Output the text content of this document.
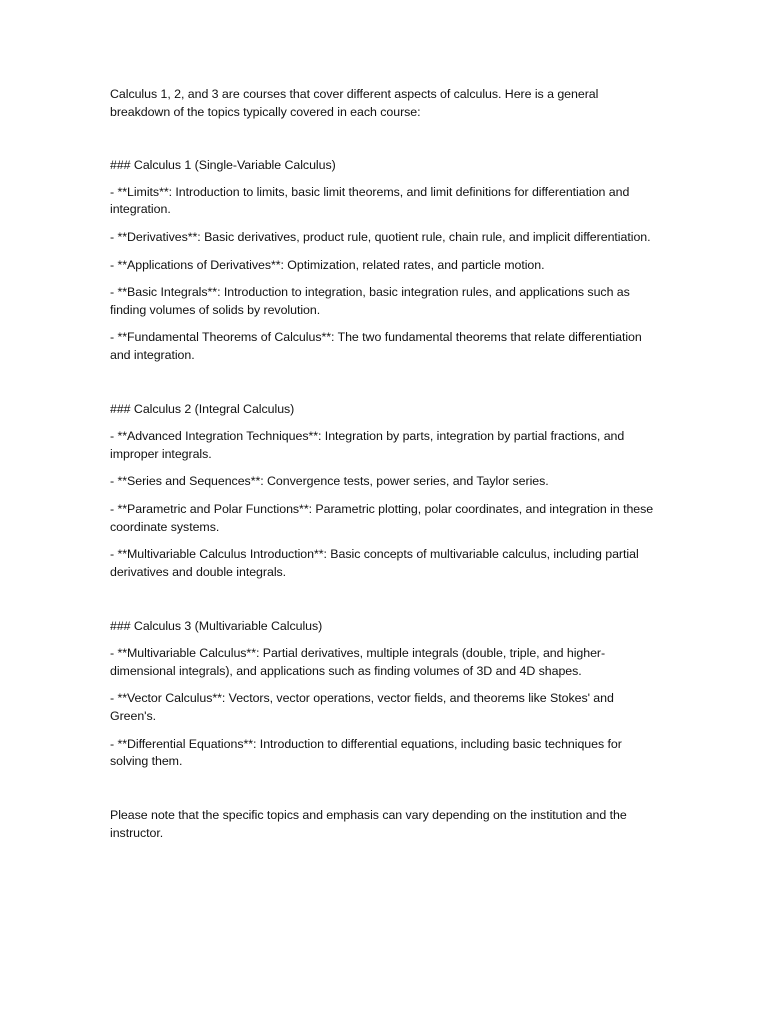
Calculus 1, 2, and 3 are courses that cover different aspects of calculus. Here is a general breakdown of the topics typically covered in each course:

### Calculus 1 (Single-Variable Calculus)

- **Limits**: Introduction to limits, basic limit theorems, and limit definitions for differentiation and integration.

- **Derivatives**: Basic derivatives, product rule, quotient rule, chain rule, and implicit differentiation.

- **Applications of Derivatives**: Optimization, related rates, and particle motion.

- **Basic Integrals**: Introduction to integration, basic integration rules, and applications such as finding volumes of solids by revolution.

- **Fundamental Theorems of Calculus**: The two fundamental theorems that relate differentiation and integration.

### Calculus 2 (Integral Calculus)

- **Advanced Integration Techniques**: Integration by parts, integration by partial fractions, and improper integrals.

- **Series and Sequences**: Convergence tests, power series, and Taylor series.

- **Parametric and Polar Functions**: Parametric plotting, polar coordinates, and integration in these coordinate systems.

- **Multivariable Calculus Introduction**: Basic concepts of multivariable calculus, including partial derivatives and double integrals.

### Calculus 3 (Multivariable Calculus)

- **Multivariable Calculus**: Partial derivatives, multiple integrals (double, triple, and higher-dimensional integrals), and applications such as finding volumes of 3D and 4D shapes.

- **Vector Calculus**: Vectors, vector operations, vector fields, and theorems like Stokes' and Green's.

- **Differential Equations**: Introduction to differential equations, including basic techniques for solving them.

Please note that the specific topics and emphasis can vary depending on the institution and the instructor.
